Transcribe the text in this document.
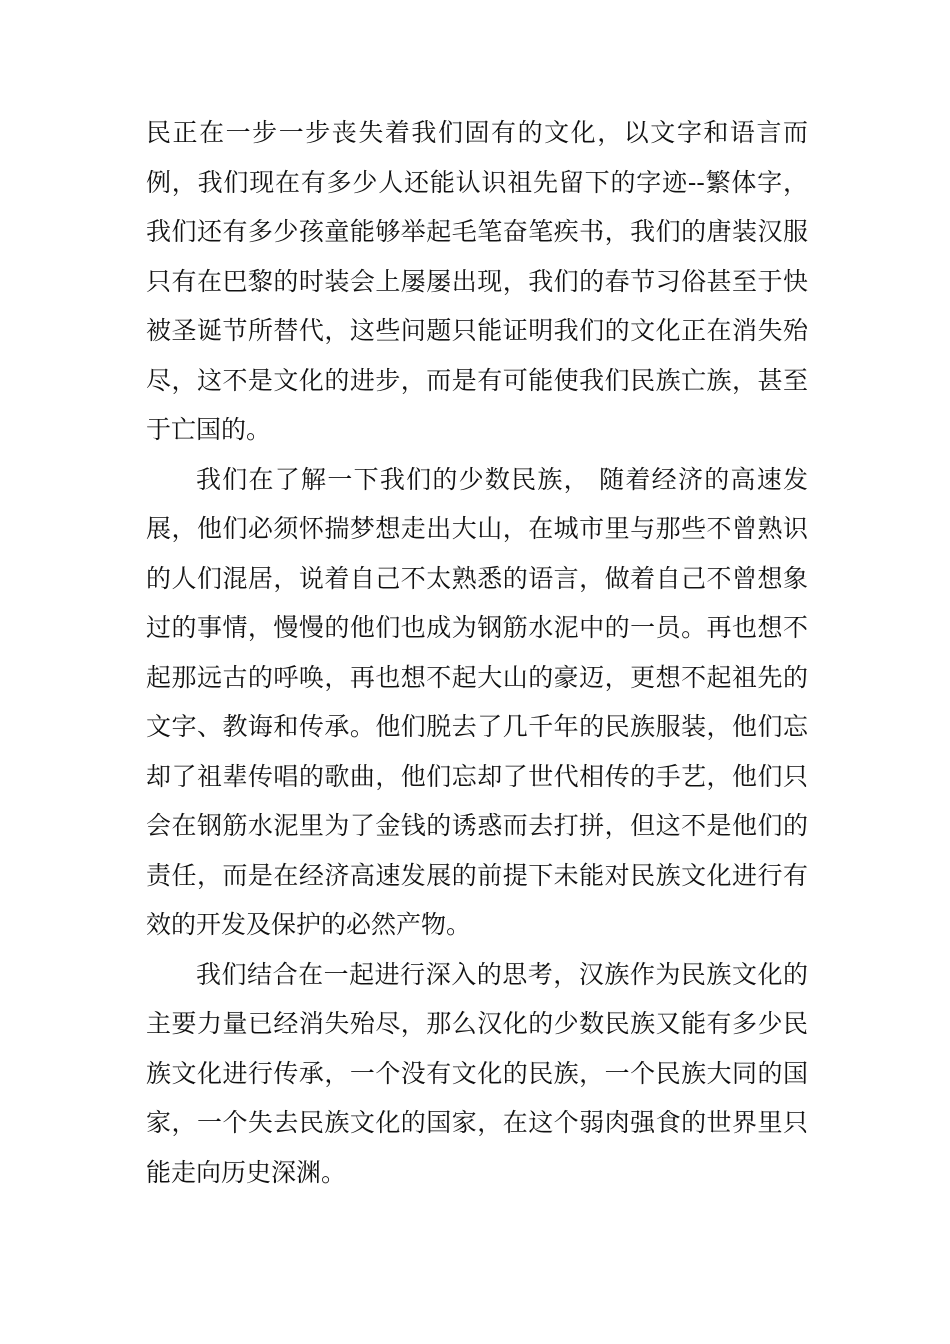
民正在一步一步丧失着我们固有的文化，以文字和语言而
例，我们现在有多少人还能认识祖先留下的字迹--繁体字，
我们还有多少孩童能够举起毛笔奋笔疾书，我们的唐装汉服
只有在巴黎的时装会上屡屡出现，我们的春节习俗甚至于快
被圣诞节所替代，这些问题只能证明我们的文化正在消失殆
尽，这不是文化的进步，而是有可能使我们民族亡族，甚至
于亡国的。
我们在了解一下我们的少数民族， 随着经济的高速发
展，他们必须怀揣梦想走出大山，在城市里与那些不曾熟识
的人们混居，说着自己不太熟悉的语言，做着自己不曾想象
过的事情，慢慢的他们也成为钢筋水泥中的一员。再也想不
起那远古的呼唤，再也想不起大山的豪迈，更想不起祖先的
文字、教诲和传承。他们脱去了几千年的民族服装，他们忘
却了祖辈传唱的歌曲，他们忘却了世代相传的手艺，他们只
会在钢筋水泥里为了金钱的诱惑而去打拼，但这不是他们的
责任，而是在经济高速发展的前提下未能对民族文化进行有
效的开发及保护的必然产物。
我们结合在一起进行深入的思考，汉族作为民族文化的
主要力量已经消失殆尽，那么汉化的少数民族又能有多少民
族文化进行传承，一个没有文化的民族，一个民族大同的国
家，一个失去民族文化的国家，在这个弱肉强食的世界里只
能走向历史深渊。
